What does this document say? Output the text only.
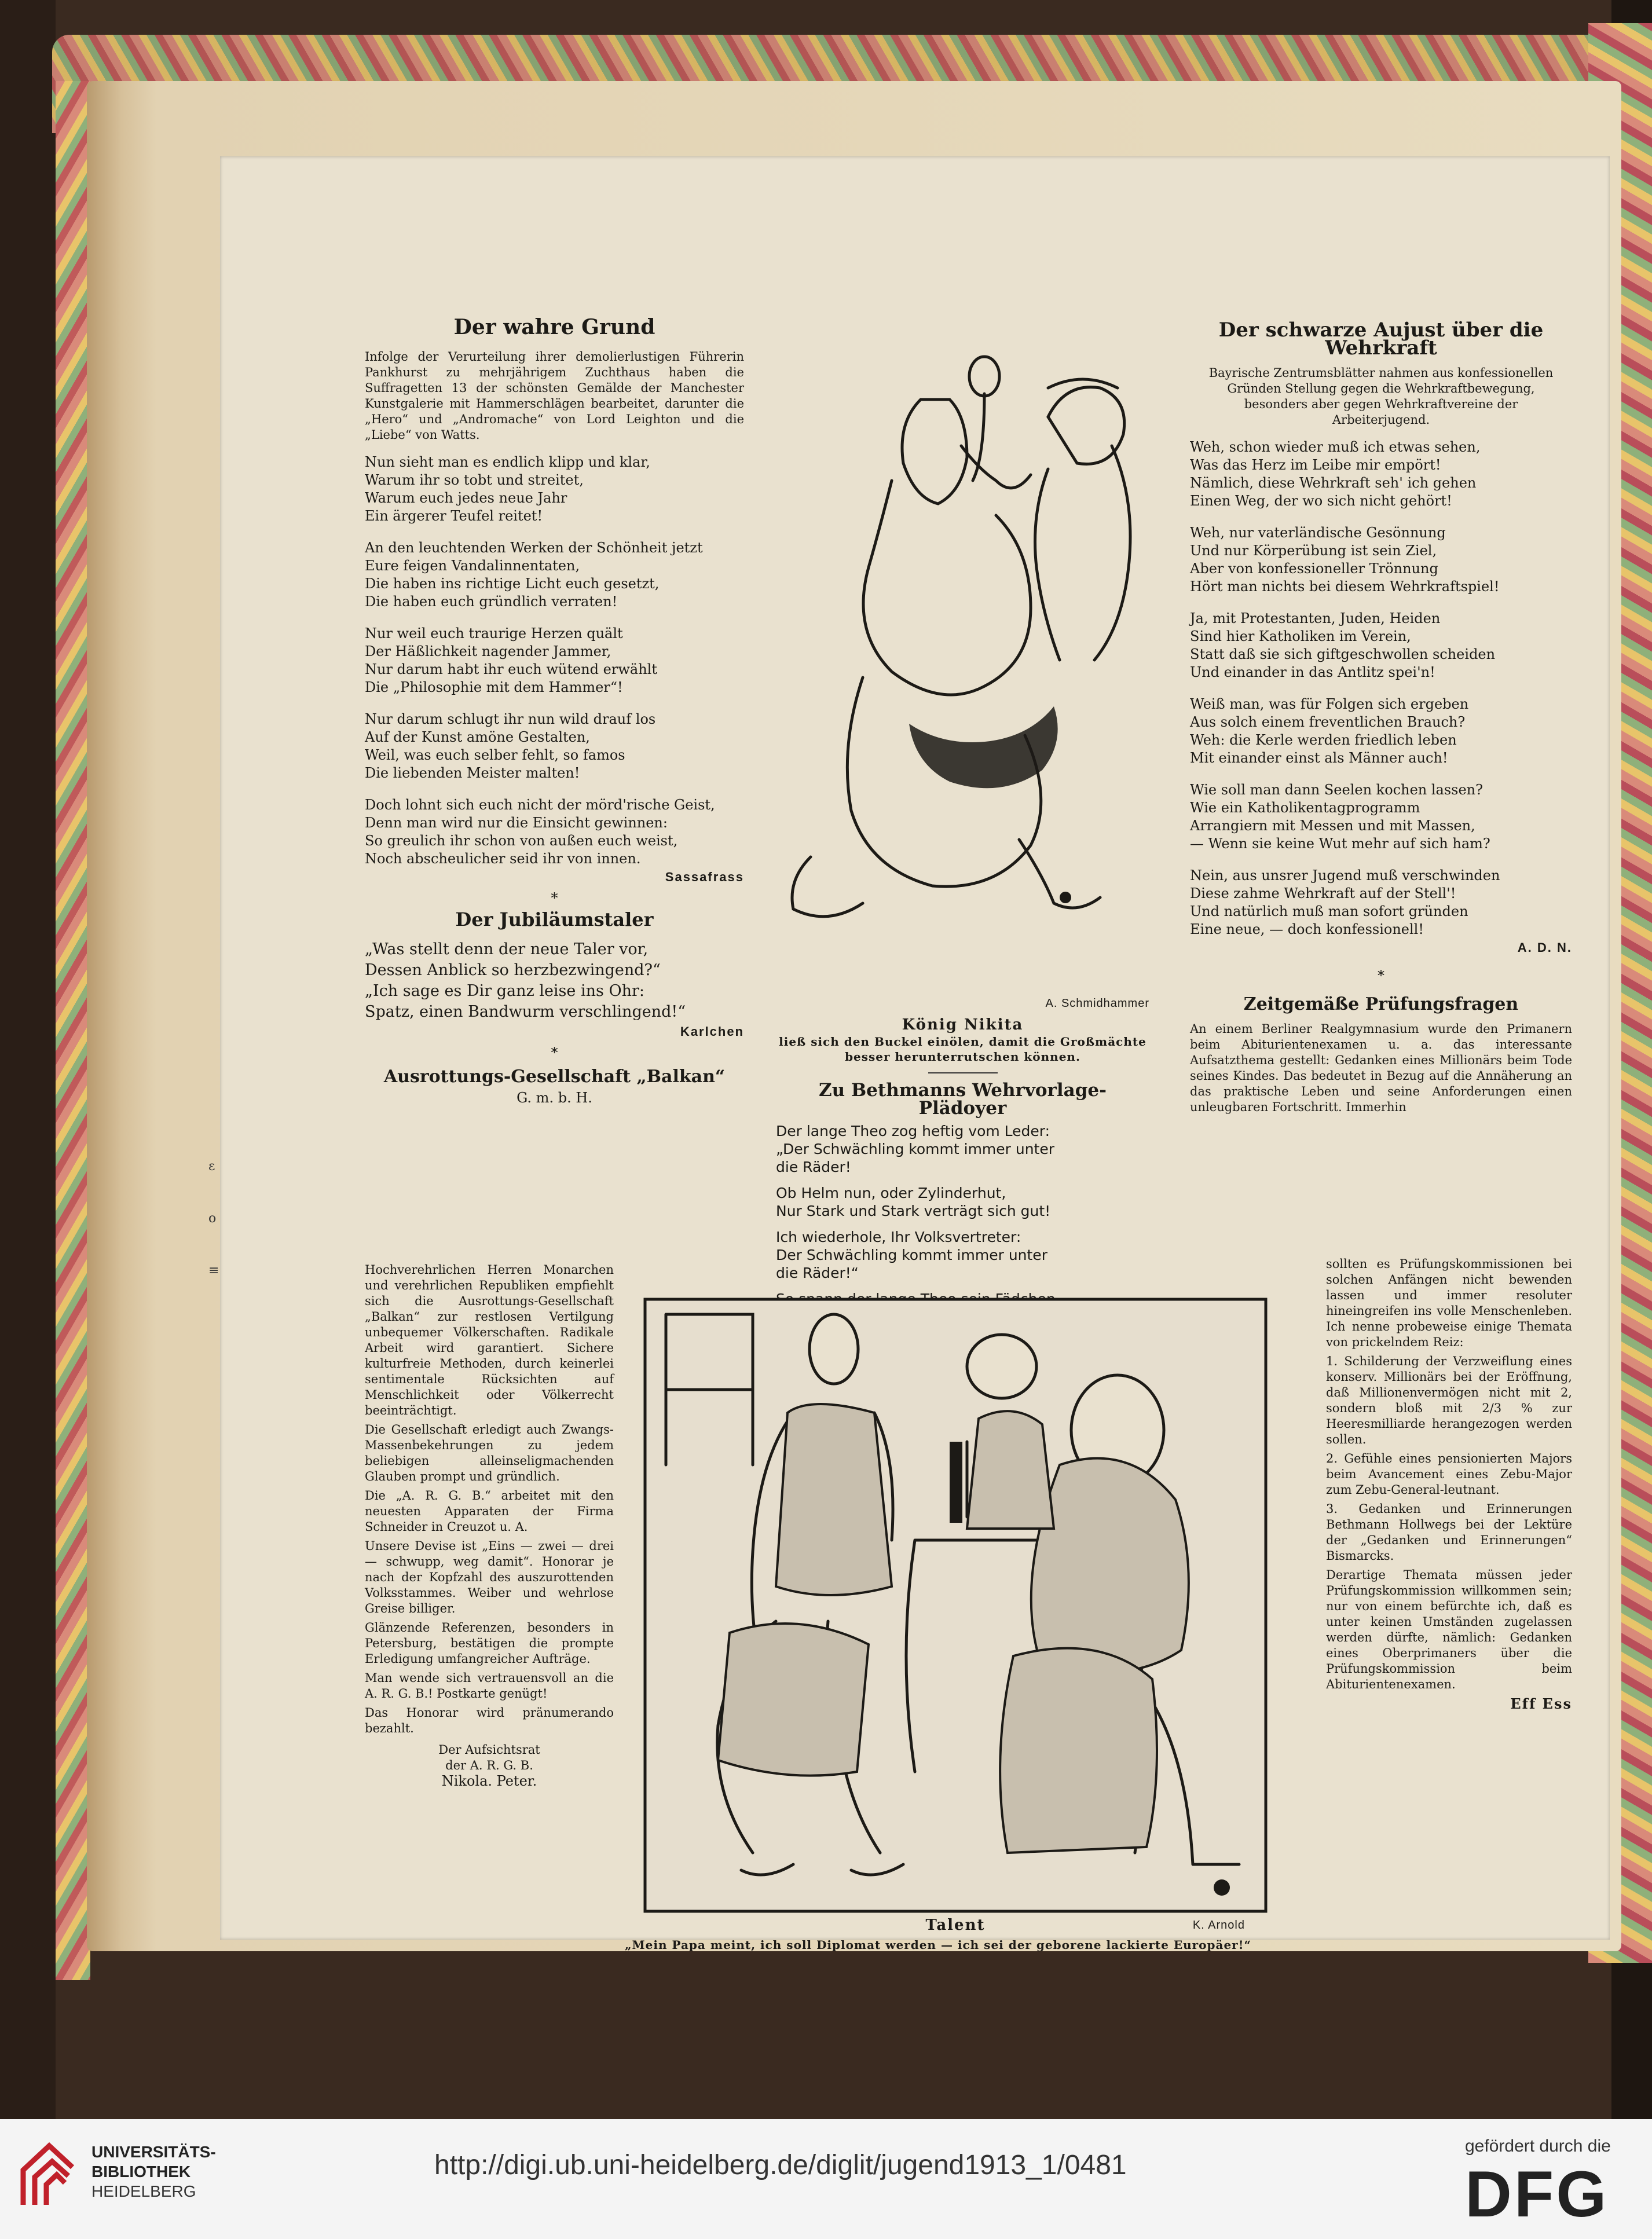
Der wahre Grund

Infolge der Verurteilung ihrer demolierlustigen Führerin Pankhurst zu mehrjährigem Zuchthaus haben die Suffragetten 13 der schönsten Gemälde der Manchester Kunstgalerie mit Hammerschlägen bearbeitet, darunter die „Hero“ und „Andromache“ von Lord Leighton und die „Liebe“ von Watts.

Nun sieht man es endlich klipp und klar,
Warum ihr so tobt und streitet,
Warum euch jedes neue Jahr
Ein ärgerer Teufel reitet!
An den leuchtenden Werken der Schönheit jetzt
Eure feigen Vandalinnentaten,
Die haben ins richtige Licht euch gesetzt,
Die haben euch gründlich verraten!
Nur weil euch traurige Herzen quält
Der Häßlichkeit nagender Jammer,
Nur darum habt ihr euch wütend erwählt
Die „Philosophie mit dem Hammer“!
Nur darum schlugt ihr nun wild drauf los
Auf der Kunst amöne Gestalten,
Weil, was euch selber fehlt, so famos
Die liebenden Meister malten!
Doch lohnt sich euch nicht der mörd'rische Geist,
Denn man wird nur die Einsicht gewinnen:
So greulich ihr schon von außen euch weist,
Noch abscheulicher seid ihr von innen.

Sassafrass

*
Der Jubiläumstaler
„Was stellt denn der neue Taler vor,
Dessen Anblick so herzbezwingend?“
„Ich sage es Dir ganz leise ins Ohr:
Spatz, einen Bandwurm verschlingend!“

Karlchen

*
Ausrottungs-Gesellschaft „Balkan“

G. m. b. H.

Hochverehrlichen Herren Monarchen und verehrlichen Republiken empfiehlt sich die Ausrottungs-Gesellschaft „Balkan“ zur restlosen Vertilgung unbequemer Völkerschaften. Radikale Arbeit wird garantiert. Sichere kulturfreie Methoden, durch keinerlei sentimentale Rücksichten auf Menschlichkeit oder Völkerrecht beeinträchtigt.

Die Gesellschaft erledigt auch Zwangs-Massenbekehrungen zu jedem beliebigen alleinseligmachenden Glauben prompt und gründlich.

Die „A. R. G. B.“ arbeitet mit den neuesten Apparaten der Firma Schneider in Creuzot u. A.

Unsere Devise ist „Eins — zwei — drei — schwupp, weg damit“. Honorar je nach der Kopfzahl des auszurottenden Volksstammes. Weiber und wehrlose Greise billiger.

Glänzende Referenzen, besonders in Petersburg, bestätigen die prompte Erledigung umfangreicher Aufträge.

Man wende sich vertrauensvoll an die A. R. G. B.! Postkarte genügt!

Das Honorar wird pränumerando bezahlt.

Der Aufsichtsrat

der A. R. G. B.

Nikola. Peter.

A. Schmidhammer

König Nikita

ließ sich den Buckel einölen, damit die Großmächte besser herunterrutschen können.

Zu Bethmanns Wehrvorlage-Plädoyer
Der lange Theo zog heftig vom Leder:
„Der Schwächling kommt immer unter
die Räder!
Ob Helm nun, oder Zylinderhut,
Nur Stark und Stark verträgt sich gut!
Ich wiederhole, Ihr Volksvertreter:
Der Schwächling kommt immer unter
die Räder!“

Talent	K. Arnold

„Mein Papa meint, ich soll Diplomat werden — ich sei der geborene lackierte Europäer!“

Der schwarze Aujust über die Wehrkraft

Bayrische Zentrumsblätter nahmen aus konfessionellen Gründen Stellung gegen die Wehrkraftbewegung, besonders aber gegen Wehrkraftvereine der Arbeiterjugend.

Weh, schon wieder muß ich etwas sehen,
Was das Herz im Leibe mir empört!
Nämlich, diese Wehrkraft seh' ich gehen
Einen Weg, der wo sich nicht gehört!
Weh, nur vaterländische Gesönnung
Und nur Körperübung ist sein Ziel,
Aber von konfessioneller Trönnung
Hört man nichts bei diesem Wehrkraftspiel!
Ja, mit Protestanten, Juden, Heiden
Sind hier Katholiken im Verein,
Statt daß sie sich giftgeschwollen scheiden
Und einander in das Antlitz spei'n!
Weiß man, was für Folgen sich ergeben
Aus solch einem freventlichen Brauch?
Weh: die Kerle werden friedlich leben
Mit einander einst als Männer auch!
Wie soll man dann Seelen kochen lassen?
Wie ein Katholikentagprogramm
Arrangiern mit Messen und mit Massen,
— Wenn sie keine Wut mehr auf sich ham?
Nein, aus unsrer Jugend muß verschwinden
Diese zahme Wehrkraft auf der Stell'!
Und natürlich muß man sofort gründen
Eine neue, — doch konfessionell!

A. D. N.

*
Zeitgemäße Prüfungsfragen

An einem Berliner Realgymnasium wurde den Primanern beim Abiturientenexamen u. a. das interessante Aufsatzthema gestellt: Gedanken eines Millionärs beim Tode seines Kindes. Das bedeutet in Bezug auf die Annäherung an das praktische Leben und seine Anforderungen einen unleugbaren Fortschritt. Immerhin

sollten es Prüfungskommissionen bei solchen Anfängen nicht bewenden lassen und immer resoluter hineingreifen ins volle Menschenleben. Ich nenne probeweise einige Themata von prickelndem Reiz:

1. Schilderung der Verzweiflung eines konserv. Millionärs bei der Eröffnung, daß Millionenvermögen nicht mit 2, sondern bloß mit 2/3 % zur Heeresmilliarde herangezogen werden sollen.

2. Gefühle eines pensionierten Majors beim Avancement eines Zebu-Major zum Zebu-General-leutnant.

3. Gedanken und Erinnerungen Bethmann Hollwegs bei der Lektüre der „Gedanken und Erinnerungen“ Bismarcks.

Derartige Themata müssen jeder Prüfungskommission willkommen sein; nur von einem befürchte ich, daß es unter keinen Umständen zugelassen werden dürfte, nämlich: Gedanken eines Oberprimaners über die Prüfungskommission beim Abiturientenexamen.

Eff Ess

ε
o
≡
UNIVERSITÄTS-
BIBLIOTHEK
HEIDELBERG
http://digi.ub.uni-heidelberg.de/diglit/jugend1913_1/0481
gefördert durch die
DFG
